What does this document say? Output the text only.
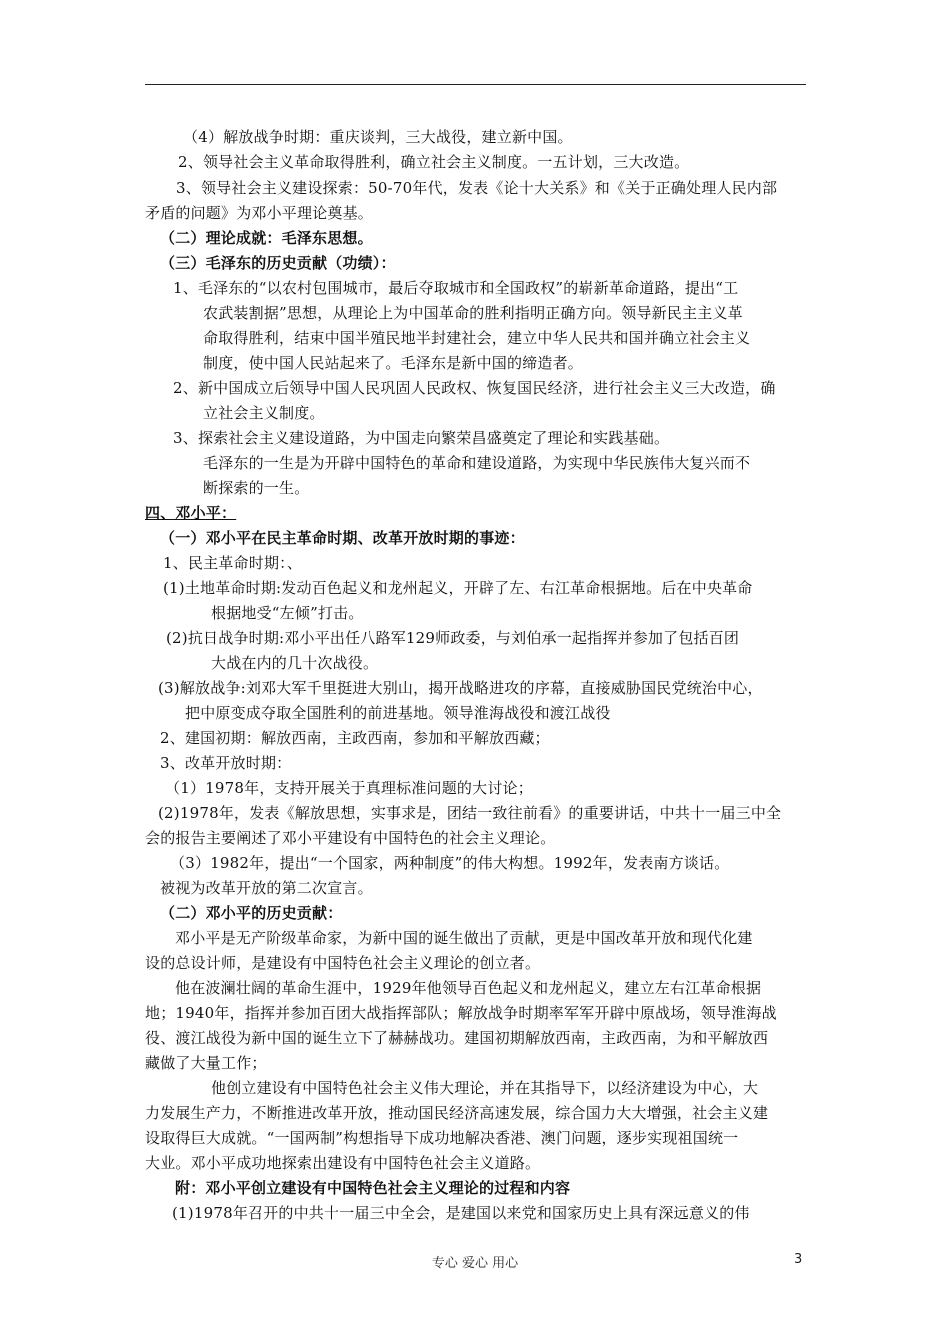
（4）解放战争时期：重庆谈判，三大战役，建立新中国。
2、领导社会主义革命取得胜利，确立社会主义制度。一五计划，三大改造。
3、领导社会主义建设探索：50-70年代，发表《论十大关系》和《关于正确处理人民内部
矛盾的问题》为邓小平理论奠基。
（二）理论成就：毛泽东思想。
（三）毛泽东的历史贡献（功绩）：
1、毛泽东的“以农村包围城市，最后夺取城市和全国政权”的崭新革命道路，提出“工
农武装割据”思想，从理论上为中国革命的胜利指明正确方向。领导新民主主义革
命取得胜利，结束中国半殖民地半封建社会，建立中华人民共和国并确立社会主义
制度，使中国人民站起来了。毛泽东是新中国的缔造者。
2、新中国成立后领导中国人民巩固人民政权、恢复国民经济，进行社会主义三大改造，确
立社会主义制度。
3、探索社会主义建设道路，为中国走向繁荣昌盛奠定了理论和实践基础。
毛泽东的一生是为开辟中国特色的革命和建设道路，为实现中华民族伟大复兴而不
断探索的一生。
四、邓小平：
（一）邓小平在民主革命时期、改革开放时期的事迹：
1、民主革命时期：、
(1)土地革命时期:发动百色起义和龙州起义，开辟了左、右江革命根据地。后在中央革命
根据地受“左倾”打击。
(2)抗日战争时期:邓小平出任八路军129师政委，与刘伯承一起指挥并参加了包括百团
大战在内的几十次战役。
(3)解放战争:刘邓大军千里挺进大别山，揭开战略进攻的序幕，直接威胁国民党统治中心，
把中原变成夺取全国胜利的前进基地。领导淮海战役和渡江战役
2、建国初期：解放西南，主政西南，参加和平解放西藏；
3、改革开放时期：
（1）1978年，支持开展关于真理标准问题的大讨论；
(2)1978年，发表《解放思想，实事求是，团结一致往前看》的重要讲话，中共十一届三中全
会的报告主要阐述了邓小平建设有中国特色的社会主义理论。
（3）1982年，提出“一个国家，两种制度”的伟大构想。1992年，发表南方谈话。
被视为改革开放的第二次宣言。
（二）邓小平的历史贡献：
邓小平是无产阶级革命家，为新中国的诞生做出了贡献，更是中国改革开放和现代化建
设的总设计师，是建设有中国特色社会主义理论的创立者。
他在波澜壮阔的革命生涯中，1929年他领导百色起义和龙州起义，建立左右江革命根据
地；1940年，指挥并参加百团大战指挥部队；解放战争时期率军军开辟中原战场，领导淮海战
役、渡江战役为新中国的诞生立下了赫赫战功。建国初期解放西南，主政西南，为和平解放西
藏做了大量工作；
他创立建设有中国特色社会主义伟大理论，并在其指导下，以经济建设为中心，大
力发展生产力，不断推进改革开放，推动国民经济高速发展，综合国力大大增强，社会主义建
设取得巨大成就。“一国两制”构想指导下成功地解决香港、澳门问题，逐步实现祖国统一
大业。邓小平成功地探索出建设有中国特色社会主义道路。
附：邓小平创立建设有中国特色社会主义理论的过程和内容
(1)1978年召开的中共十一届三中全会，是建国以来党和国家历史上具有深远意义的伟
专心 爱心 用心	3
